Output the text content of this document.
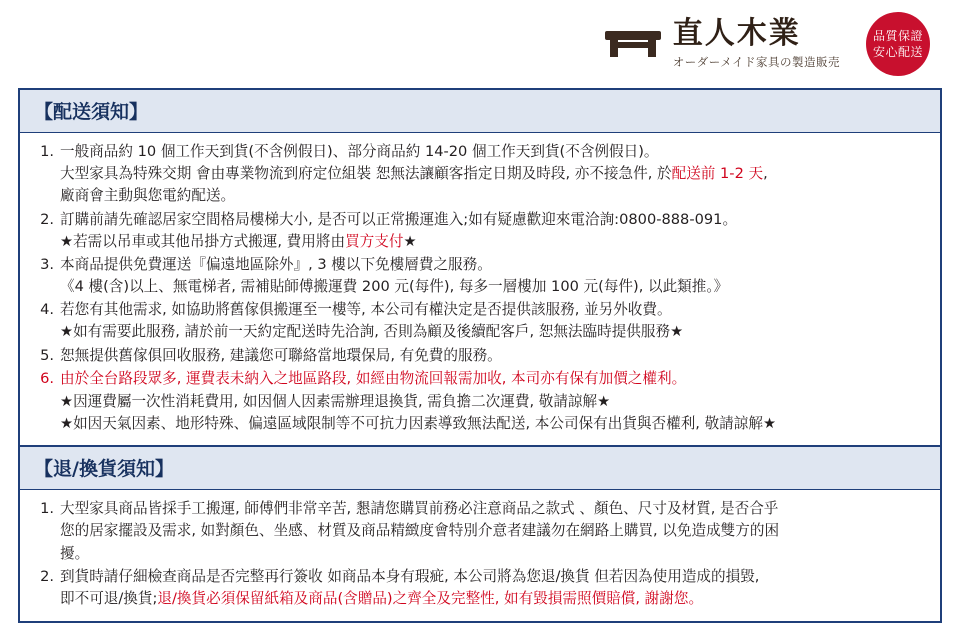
直人木業
オーダーメイド家具の製造販売
品質保證
安心配送
【配送須知】
一般商品約 10 個工作天到貨(不含例假日)、部分商品約 14-20 個工作天到貨(不含例假日)。
大型家具為特殊交期 會由專業物流到府定位組裝 恕無法讓顧客指定日期及時段, 亦不接急件, 於配送前 1-2 天,
廠商會主動與您電約配送。
訂購前請先確認居家空間格局樓梯大小, 是否可以正常搬運進入;如有疑慮歡迎來電洽詢:0800-888-091。
★若需以吊車或其他吊掛方式搬運, 費用將由買方支付★
本商品提供免費運送『偏遠地區除外』, 3 樓以下免樓層費之服務。
《4 樓(含)以上、無電梯者, 需補貼師傅搬運費 200 元(每件), 每多一層樓加 100 元(每件), 以此類推。》
若您有其他需求, 如協助將舊傢俱搬運至一樓等, 本公司有權決定是否提供該服務, 並另外收費。
★如有需要此服務, 請於前一天約定配送時先洽詢, 否則為顧及後續配客戶, 恕無法臨時提供服務★
恕無提供舊傢俱回收服務, 建議您可聯絡當地環保局, 有免費的服務。
由於全台路段眾多, 運費表未納入之地區路段, 如經由物流回報需加收, 本司亦有保有加價之權利。
★因運費屬一次性消耗費用, 如因個人因素需辦理退換貨, 需負擔二次運費, 敬請諒解★
★如因天氣因素、地形特殊、偏遠區域限制等不可抗力因素導致無法配送, 本公司保有出貨與否權利, 敬請諒解★
【退/換貨須知】
大型家具商品皆採手工搬運, 師傅們非常辛苦, 懇請您購買前務必注意商品之款式 、顏色、尺寸及材質, 是否合乎
您的居家擺設及需求, 如對顏色、坐感、材質及商品精緻度會特別介意者建議勿在網路上購買, 以免造成雙方的困
擾。
到貨時請仔細檢查商品是否完整再行簽收 如商品本身有瑕疵, 本公司將為您退/換貨 但若因為使用造成的損毀,
即不可退/換貨;退/換貨必須保留紙箱及商品(含贈品)之齊全及完整性, 如有毀損需照價賠償, 謝謝您。
